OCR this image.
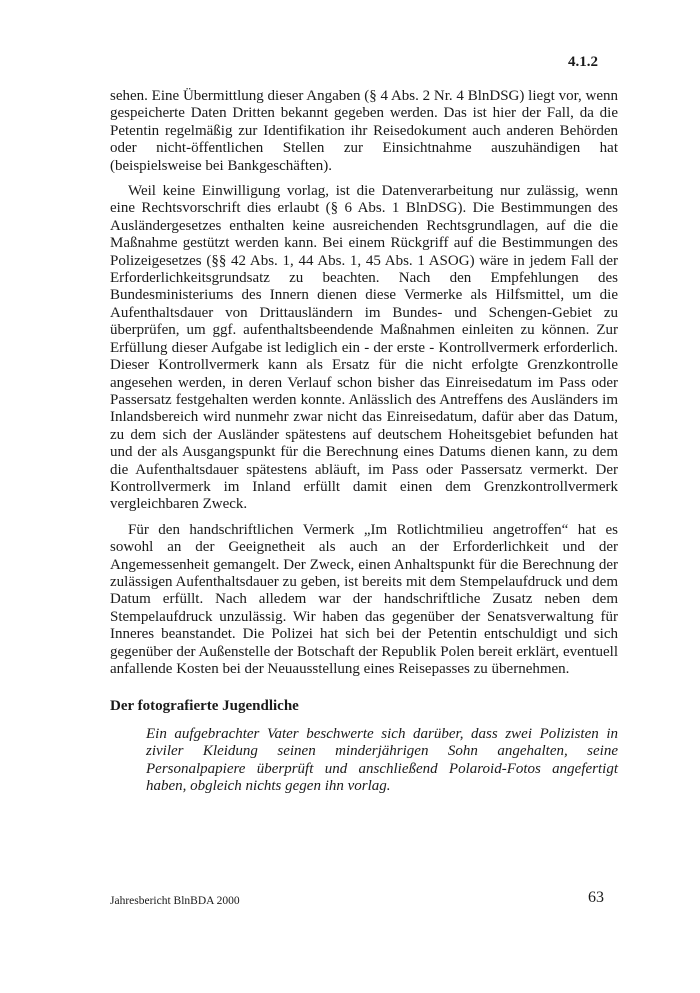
4.1.2

sehen. Eine Übermittlung dieser Angaben (§ 4 Abs. 2 Nr. 4 BlnDSG) liegt vor, wenn gespeicherte Daten Dritten bekannt gegeben werden. Das ist hier der Fall, da die Petentin regelmäßig zur Identifikation ihr Reisedokument auch anderen Behörden oder nicht-öffentlichen Stellen zur Einsichtnahme auszuhändigen hat (beispielsweise bei Bankgeschäften).

Weil keine Einwilligung vorlag, ist die Datenverarbeitung nur zulässig, wenn eine Rechtsvorschrift dies erlaubt (§ 6 Abs. 1 BlnDSG). Die Bestimmungen des Ausländergesetzes enthalten keine ausreichenden Rechtsgrundlagen, auf die die Maßnahme gestützt werden kann. Bei einem Rückgriff auf die Bestimmungen des Polizeigesetzes (§§ 42 Abs. 1, 44 Abs. 1, 45 Abs. 1 ASOG) wäre in jedem Fall der Erforderlichkeitsgrundsatz zu beachten. Nach den Empfehlungen des Bundesministeriums des Innern dienen diese Vermerke als Hilfsmittel, um die Aufenthaltsdauer von Drittausländern im Bundes- und Schengen-Gebiet zu überprüfen, um ggf. aufenthaltsbeendende Maßnahmen einleiten zu können. Zur Erfüllung dieser Aufgabe ist lediglich ein - der erste - Kontrollvermerk erforderlich. Dieser Kontrollvermerk kann als Ersatz für die nicht erfolgte Grenzkontrolle angesehen werden, in deren Verlauf schon bisher das Einreisedatum im Pass oder Passersatz festgehalten werden konnte. Anlässlich des Antreffens des Ausländers im Inlandsbereich wird nunmehr zwar nicht das Einreisedatum, dafür aber das Datum, zu dem sich der Ausländer spätestens auf deutschem Hoheitsgebiet befunden hat und der als Ausgangspunkt für die Berechnung eines Datums dienen kann, zu dem die Aufenthaltsdauer spätestens abläuft, im Pass oder Passersatz vermerkt. Der Kontrollvermerk im Inland erfüllt damit einen dem Grenzkontrollvermerk vergleichbaren Zweck.

Für den handschriftlichen Vermerk „Im Rotlichtmilieu angetroffen“ hat es sowohl an der Geeignetheit als auch an der Erforderlichkeit und der Angemessenheit gemangelt. Der Zweck, einen Anhaltspunkt für die Berechnung der zulässigen Aufenthaltsdauer zu geben, ist bereits mit dem Stempelaufdruck und dem Datum erfüllt. Nach alledem war der handschriftliche Zusatz neben dem Stempelaufdruck unzulässig. Wir haben das gegenüber der Senatsverwaltung für Inneres beanstandet. Die Polizei hat sich bei der Petentin entschuldigt und sich gegenüber der Außenstelle der Botschaft der Republik Polen bereit erklärt, eventuell anfallende Kosten bei der Neuausstellung eines Reisepasses zu übernehmen.

Der fotografierte Jugendliche
Ein aufgebrachter Vater beschwerte sich darüber, dass zwei Polizisten in ziviler Kleidung seinen minderjährigen Sohn angehalten, seine Personalpapiere überprüft und anschließend Polaroid-Fotos angefertigt haben, obgleich nichts gegen ihn vorlag.
Jahresbericht BlnBDA 2000	63
